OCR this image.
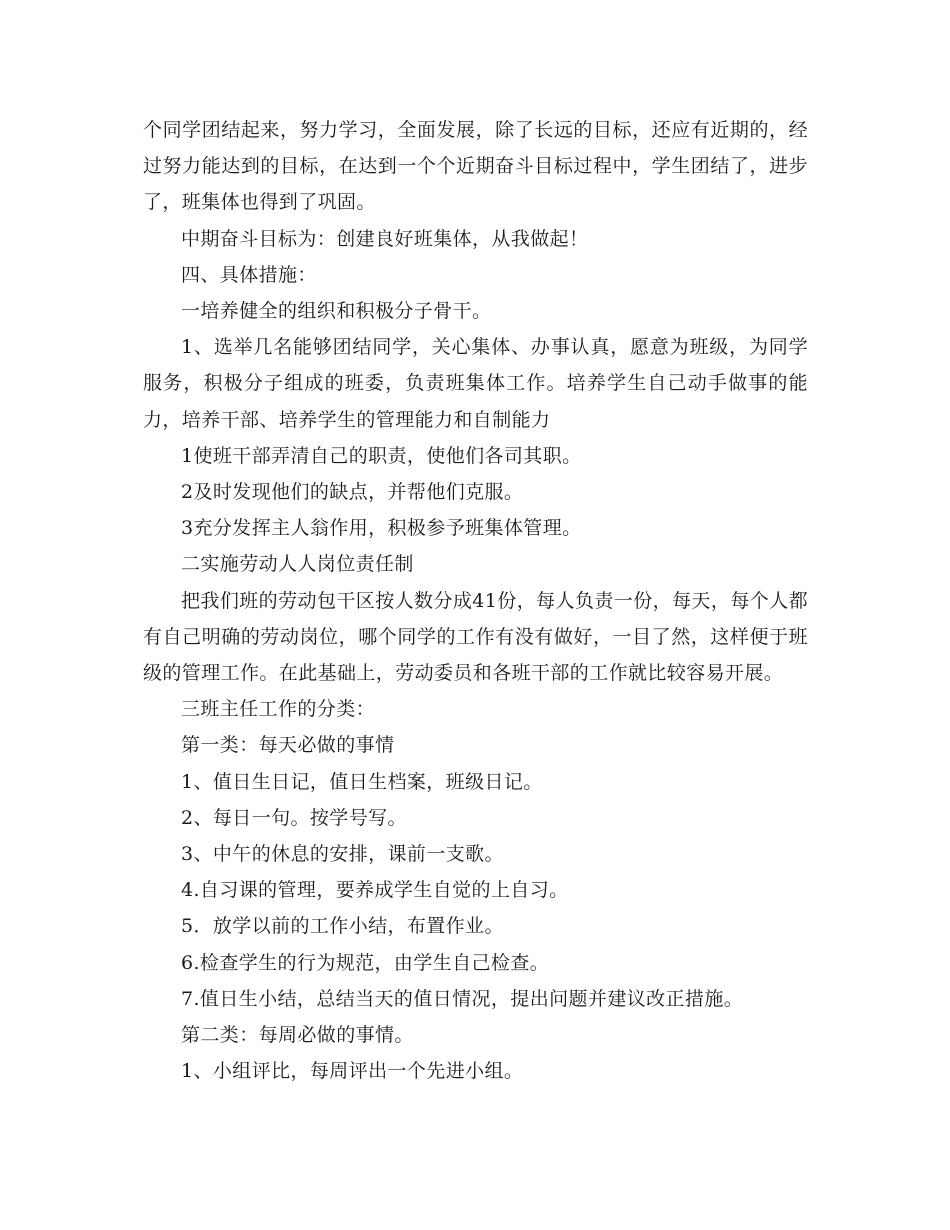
个同学团结起来，努力学习，全面发展，除了长远的目标，还应有近期的，经过努力能达到的目标，在达到一个个近期奋斗目标过程中，学生团结了，进步了，班集体也得到了巩固。

中期奋斗目标为：创建良好班集体，从我做起！

四、具体措施：

一培养健全的组织和积极分子骨干。

1、选举几名能够团结同学，关心集体、办事认真，愿意为班级，为同学服务，积极分子组成的班委，负责班集体工作。培养学生自己动手做事的能力，培养干部、培养学生的管理能力和自制能力

1使班干部弄清自己的职责，使他们各司其职。

2及时发现他们的缺点，并帮他们克服。

3充分发挥主人翁作用，积极参予班集体管理。

二实施劳动人人岗位责任制

把我们班的劳动包干区按人数分成41份，每人负责一份，每天，每个人都有自己明确的劳动岗位，哪个同学的工作有没有做好，一目了然，这样便于班级的管理工作。在此基础上，劳动委员和各班干部的工作就比较容易开展。

三班主任工作的分类：

第一类：每天必做的事情

1、值日生日记，值日生档案，班级日记。

2、每日一句。按学号写。

3、中午的休息的安排，课前一支歌。

4.自习课的管理，要养成学生自觉的上自习。

5．放学以前的工作小结，布置作业。

6.检查学生的行为规范，由学生自己检查。

7.值日生小结，总结当天的值日情况，提出问题并建议改正措施。

第二类：每周必做的事情。

1、小组评比，每周评出一个先进小组。
